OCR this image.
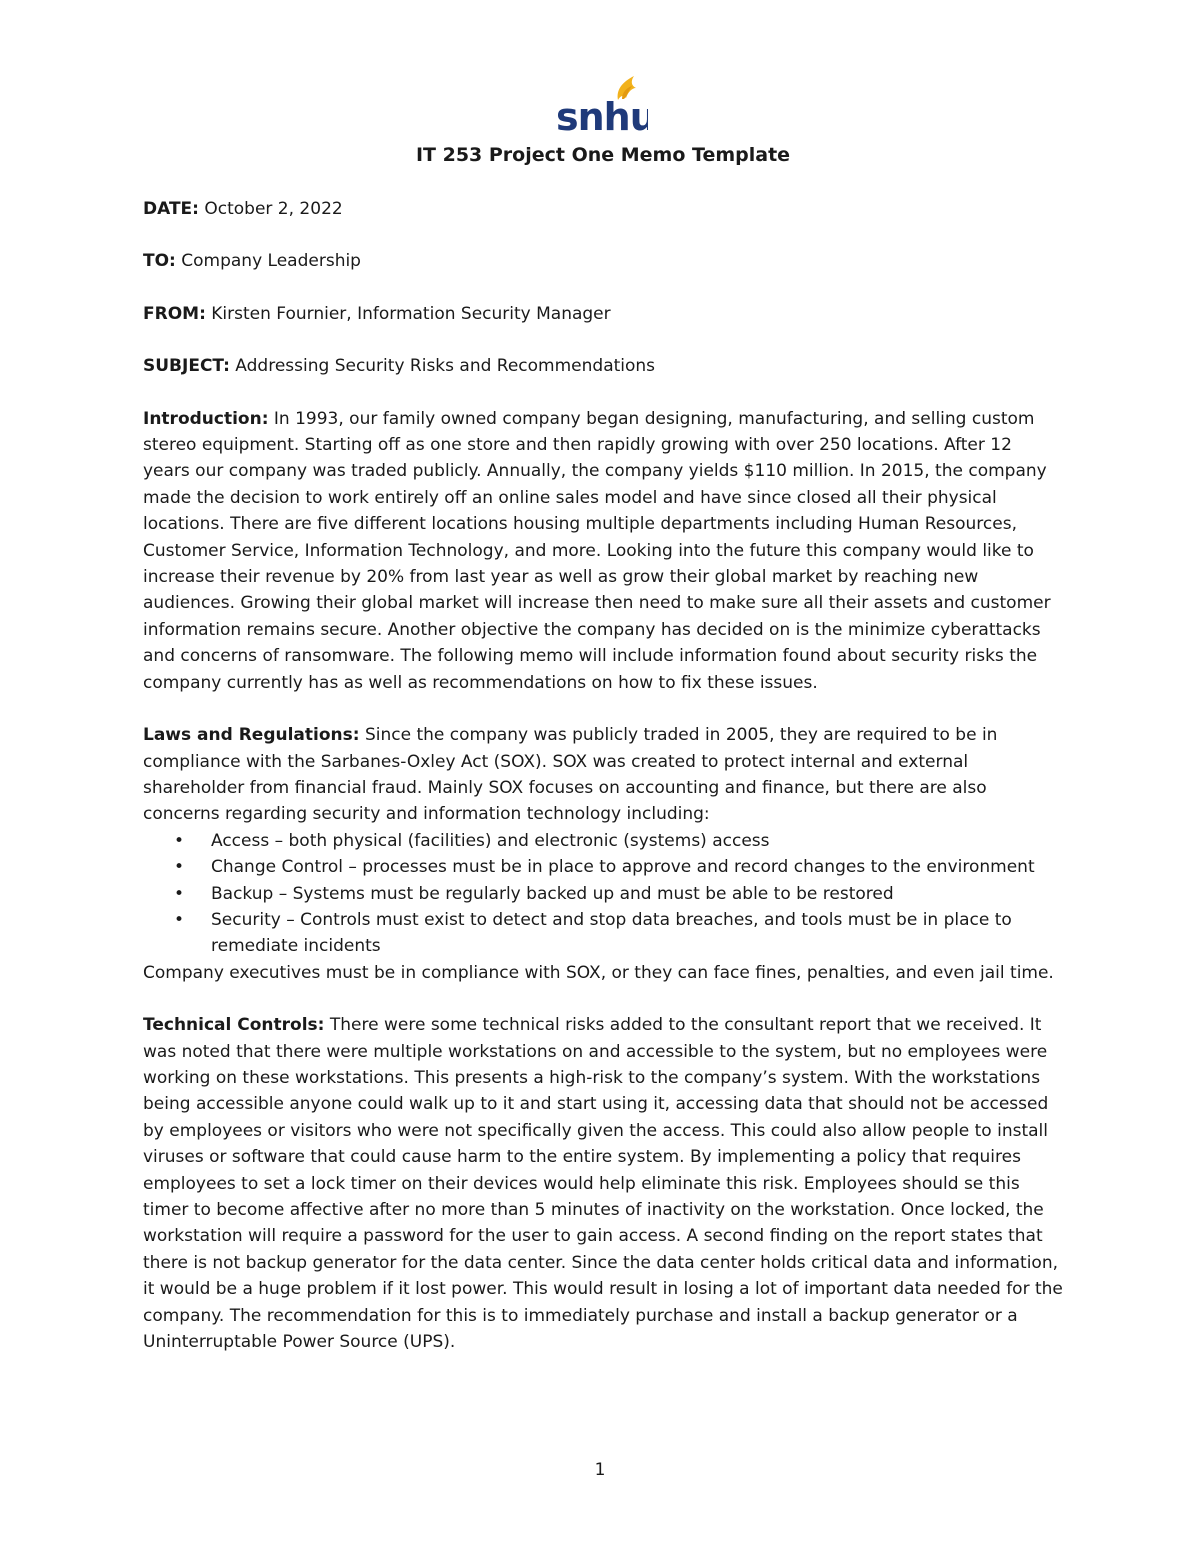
snhu
IT 253 Project One Memo Template
DATE: October 2, 2022
TO: Company Leadership
FROM: Kirsten Fournier, Information Security Manager
SUBJECT: Addressing Security Risks and Recommendations
Introduction: In 1993, our family owned company began designing, manufacturing, and selling custom stereo equipment. Starting off as one store and then rapidly growing with over 250 locations. After 12 years our company was traded publicly. Annually, the company yields $110 million. In 2015, the company made the decision to work entirely off an online sales model and have since closed all their physical locations. There are five different locations housing multiple departments including Human Resources, Customer Service, Information Technology, and more. Looking into the future this company would like to increase their revenue by 20% from last year as well as grow their global market by reaching new audiences. Growing their global market will increase then need to make sure all their assets and customer information remains secure. Another objective the company has decided on is the minimize cyberattacks and concerns of ransomware. The following memo will include information found about security risks the company currently has as well as recommendations on how to fix these issues.
Laws and Regulations: Since the company was publicly traded in 2005, they are required to be in compliance with the Sarbanes-Oxley Act (SOX). SOX was created to protect internal and external shareholder from financial fraud. Mainly SOX focuses on accounting and finance, but there are also concerns regarding security and information technology including:
• Access – both physical (facilities) and electronic (systems) access
• Change Control – processes must be in place to approve and record changes to the environment
• Backup – Systems must be regularly backed up and must be able to be restored
• Security – Controls must exist to detect and stop data breaches, and tools must be in place to remediate incidents
Company executives must be in compliance with SOX, or they can face fines, penalties, and even jail time.
Technical Controls: There were some technical risks added to the consultant report that we received. It was noted that there were multiple workstations on and accessible to the system, but no employees were working on these workstations. This presents a high-risk to the company’s system. With the workstations being accessible anyone could walk up to it and start using it, accessing data that should not be accessed by employees or visitors who were not specifically given the access. This could also allow people to install viruses or software that could cause harm to the entire system. By implementing a policy that requires employees to set a lock timer on their devices would help eliminate this risk. Employees should se this timer to become affective after no more than 5 minutes of inactivity on the workstation. Once locked, the workstation will require a password for the user to gain access. A second finding on the report states that there is not backup generator for the data center. Since the data center holds critical data and information, it would be a huge problem if it lost power. This would result in losing a lot of important data needed for the company. The recommendation for this is to immediately purchase and install a backup generator or a Uninterruptable Power Source (UPS).
1
